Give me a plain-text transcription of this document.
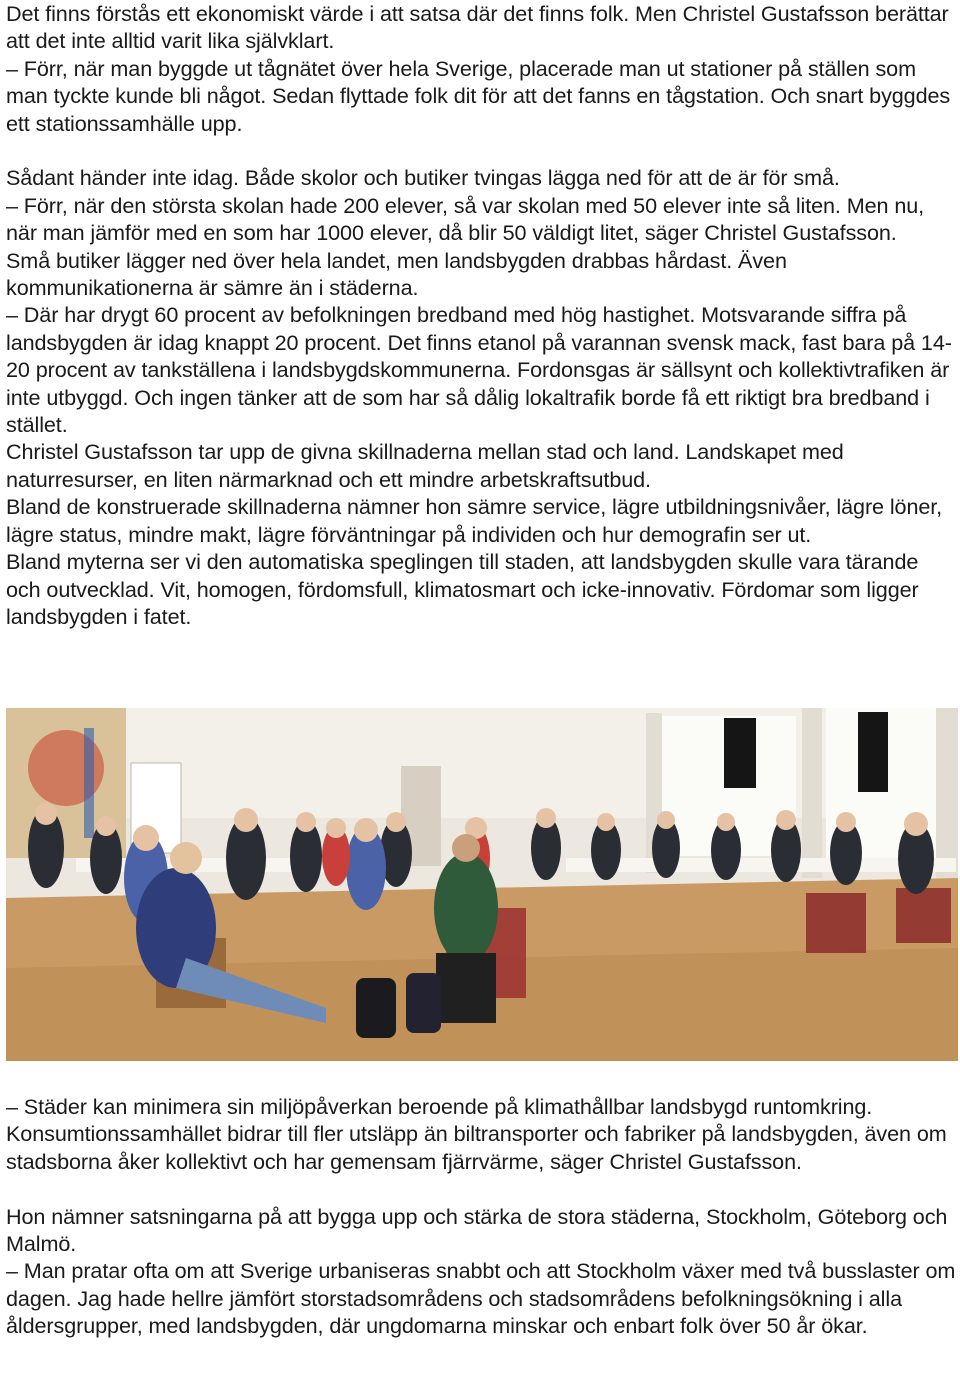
Det finns förstås ett ekonomiskt värde i att satsa där det finns folk. Men Christel Gustafsson berättar att det inte alltid varit lika självklart.

– Förr, när man byggde ut tågnätet över hela Sverige, placerade man ut stationer på ställen som man tyckte kunde bli något. Sedan flyttade folk dit för att det fanns en tågstation. Och snart byggdes ett stationssamhälle upp.

Sådant händer inte idag. Både skolor och butiker tvingas lägga ned för att de är för små.

– Förr, när den största skolan hade 200 elever, så var skolan med 50 elever inte så liten. Men nu, när man jämför med en som har 1000 elever, då blir 50 väldigt litet, säger Christel Gustafsson.

Små butiker lägger ned över hela landet, men landsbygden drabbas hårdast. Även kommunikationerna är sämre än i städerna.

– Där har drygt 60 procent av befolkningen bredband med hög hastighet. Motsvarande siffra på landsbygden är idag knappt 20 procent. Det finns etanol på varannan svensk mack, fast bara på 14-20 procent av tankställena i landsbygdskommunerna. Fordonsgas är sällsynt och kollektivtrafiken är inte utbyggd. Och ingen tänker att de som har så dålig lokaltrafik borde få ett riktigt bra bredband i stället.

Christel Gustafsson tar upp de givna skillnaderna mellan stad och land. Landskapet med naturresurser, en liten närmarknad och ett mindre arbetskraftsutbud.

Bland de konstruerade skillnaderna nämner hon sämre service, lägre utbildningsnivåer, lägre löner, lägre status, mindre makt, lägre förväntningar på individen och hur demografin ser ut.

Bland myterna ser vi den automatiska speglingen till staden, att landsbygden skulle vara tärande och outvecklad. Vit, homogen, fördomsfull, klimatosmart och icke-innovativ. Fördomar som ligger landsbygden i fatet.

– Städer kan minimera sin miljöpåverkan beroende på klimathållbar landsbygd runtomkring. Konsumtionssamhället bidrar till fler utsläpp än biltransporter och fabriker på landsbygden, även om stadsborna åker kollektivt och har gemensam fjärrvärme, säger Christel Gustafsson.

Hon nämner satsningarna på att bygga upp och stärka de stora städerna, Stockholm, Göteborg och Malmö.

– Man pratar ofta om att Sverige urbaniseras snabbt och att Stockholm växer med två busslaster om dagen. Jag hade hellre jämfört storstadsområdens och stadsområdens befolkningsökning i alla åldersgrupper, med landsbygden, där ungdomarna minskar och enbart folk över 50 år ökar.
